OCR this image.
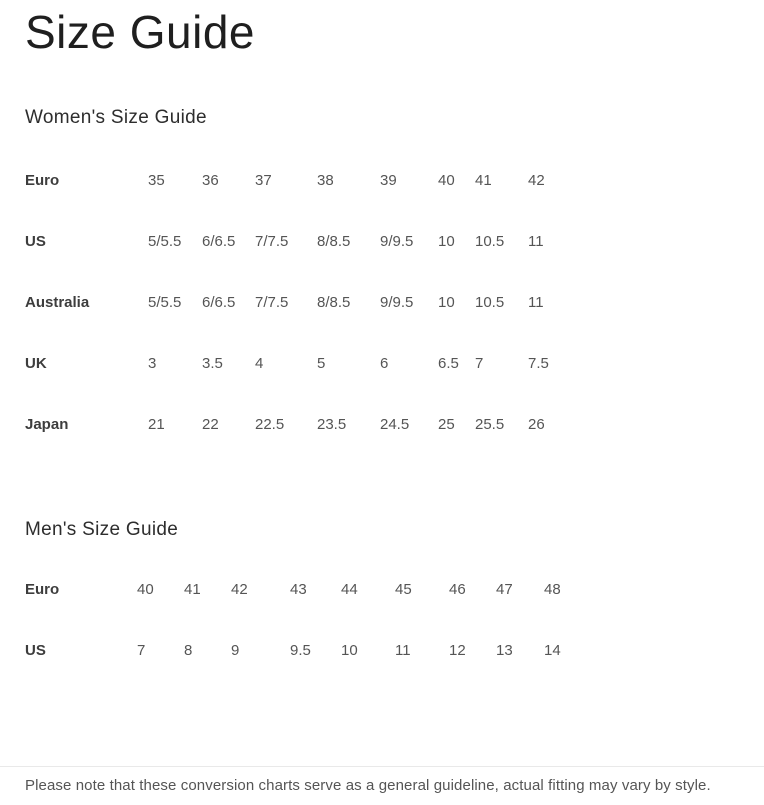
Size Guide
Women's Size Guide
Euro	35	36	37	38	39	40	41	42
US	5/5.5	6/6.5	7/7.5	8/8.5	9/9.5	10	10.5	11
Australia	5/5.5	6/6.5	7/7.5	8/8.5	9/9.5	10	10.5	11
UK	3	3.5	4	5	6	6.5	7	7.5
Japan	21	22	22.5	23.5	24.5	25	25.5	26
Men's Size Guide
Euro	40	41	42	43	44	45	46	47	48
US	7	8	9	9.5	10	11	12	13	14

Please note that these conversion charts serve as a general guideline, actual fitting may vary by style.
